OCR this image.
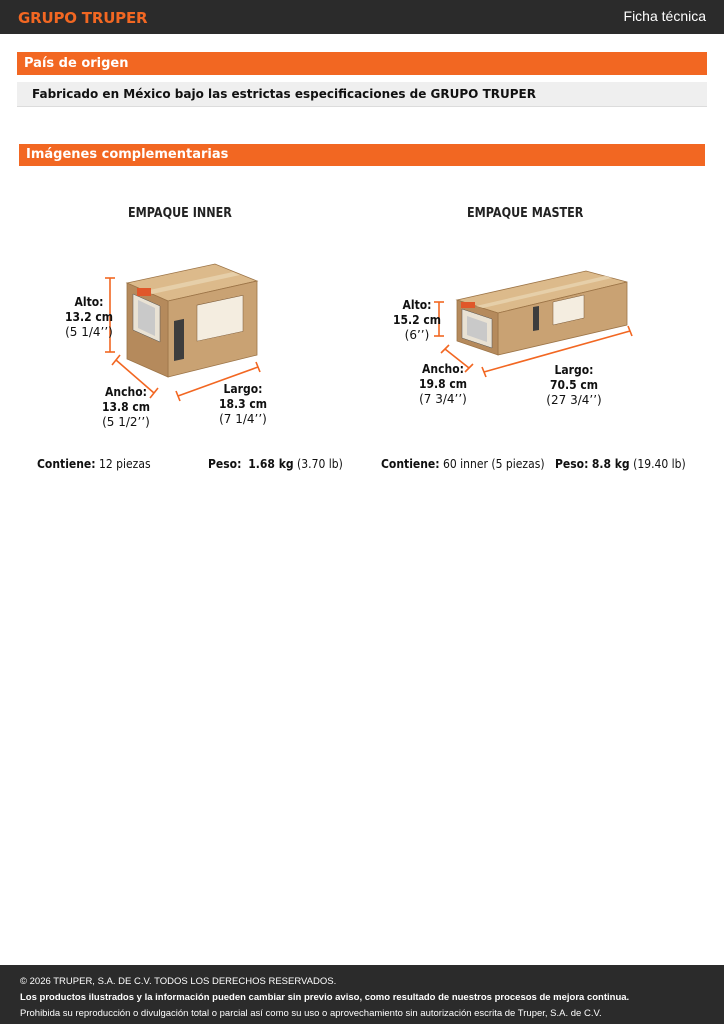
GRUPO TRUPER	Ficha técnica
País de origen
Fabricado en México bajo las estrictas especificaciones de GRUPO TRUPER
Imágenes complementarias
EMPAQUE INNER	EMPAQUE MASTER
Alto:
13.2 cm
(5 1/4’’)
Ancho:
13.8 cm
(5 1/2’’)
Largo:
18.3 cm
(7 1/4’’)
Alto:
15.2 cm
(6’’)
Ancho:
19.8 cm
(7 3/4’’)
Largo:
70.5 cm
(27 3/4’’)
Contiene: 12 piezas	Peso: 1.68 kg (3.70 lb)	Contiene: 60 inner (5 piezas) Peso: 8.8 kg (19.40 lb)
© 2026 TRUPER, S.A. DE C.V. TODOS LOS DERECHOS RESERVADOS.
Los productos ilustrados y la información pueden cambiar sin previo aviso, como resultado de nuestros procesos de mejora continua.
Prohibida su reproducción o divulgación total o parcial así como su uso o aprovechamiento sin autorización escrita de Truper, S.A. de C.V.
